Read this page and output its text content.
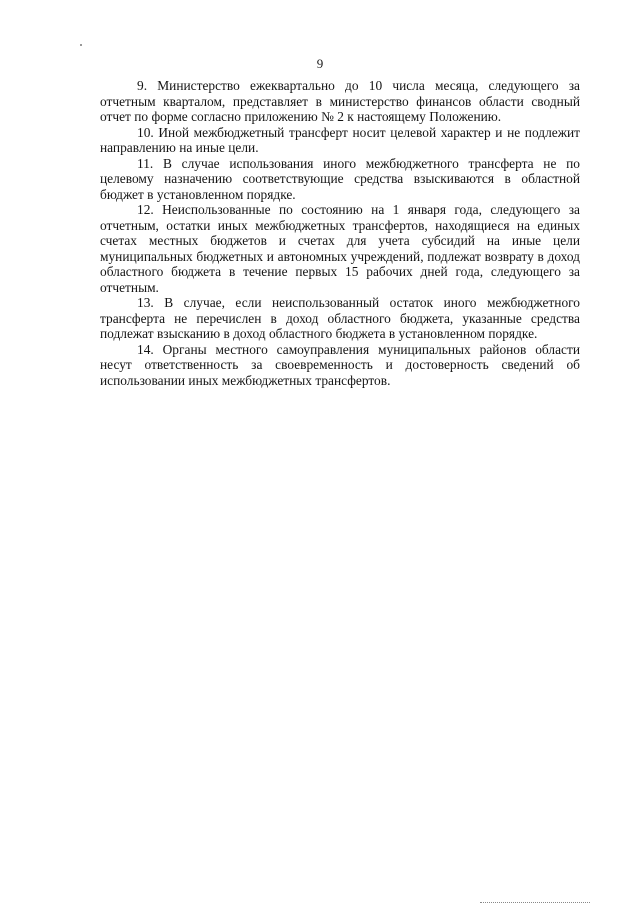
9

9. Министерство ежеквартально до 10 числа месяца, следующего за отчетным кварталом, представляет в министерство финансов области сводный отчет по форме согласно приложению № 2 к настоящему Положению.

10. Иной межбюджетный трансферт носит целевой характер и не подлежит направлению на иные цели.

11. В случае использования иного межбюджетного трансферта не по целевому назначению соответствующие средства взыскиваются в областной бюджет в установленном порядке.

12. Неиспользованные по состоянию на 1 января года, следующего за отчетным, остатки иных межбюджетных трансфертов, находящиеся на единых счетах местных бюджетов и счетах для учета субсидий на иные цели муниципальных бюджетных и автономных учреждений, подлежат возврату в доход областного бюджета в течение первых 15 рабочих дней года, следующего за отчетным.

13. В случае, если неиспользованный остаток иного межбюджетного трансферта не перечислен в доход областного бюджета, указанные средства подлежат взысканию в доход областного бюджета в установленном порядке.

14. Органы местного самоуправления муниципальных районов области несут ответственность за своевременность и достоверность сведений об использовании иных межбюджетных трансфертов.
